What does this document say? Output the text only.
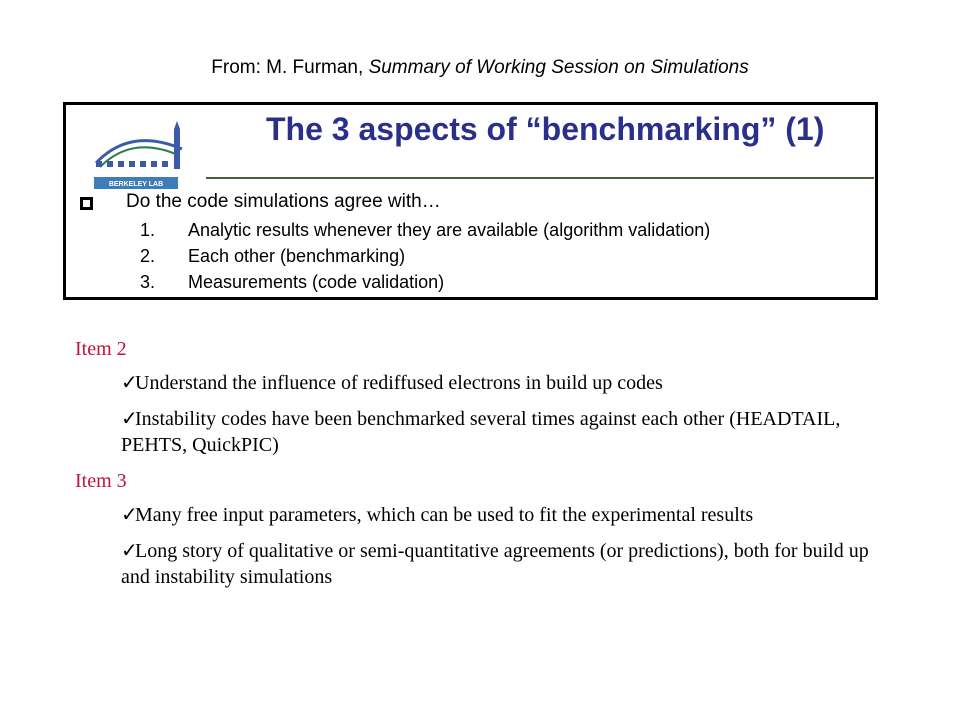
From: M. Furman, Summary of Working Session on Simulations
BERKELEY LAB
The 3 aspects of “benchmarking” (1)
Do the code simulations agree with…
1. Analytic results whenever they are available (algorithm validation)
2. Each other (benchmarking)
3. Measurements (code validation)
Item 2
✓Understand the influence of rediffused electrons in build up codes
✓Instability codes have been benchmarked several times against each other (HEADTAIL, PEHTS, QuickPIC)
Item 3
✓Many free input parameters, which can be used to fit the experimental results
✓Long story of qualitative or semi-quantitative agreements (or predictions), both for build up and instability simulations
